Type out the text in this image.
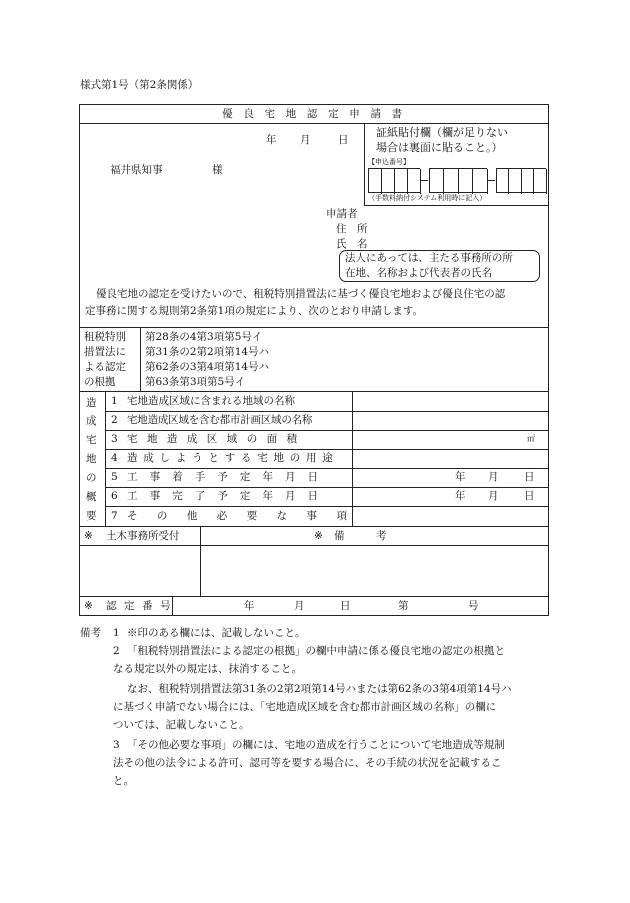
様式第1号（第2条関係）
優 良 宅 地 認 定 申 請 書
年 月	日
福井県知事	様
証紙貼付欄（欄が足りない
場合は裏面に貼ること。）
【申込番号】
（手数料納付システム利用時に記入）
申請者
住　所
氏　名
法人にあっては、主たる事務所の所
在地、名称および代表者の氏名
優良宅地の認定を受けたいので、租税特別措置法に基づく優良宅地および優良住宅の認
定事務に関する規則第2条第1項の規定により、次のとおり申請します。
租税特別
措置法に
よる認定
の根拠
第28条の4第3項第5号イ
第31条の2第2項第14号ハ
第62条の3第4項第14号ハ
第63条第3項第5号イ
造
成
宅
地
の
概
要
1 宅地造成区域に含まれる地域の名称
2 宅地造成区域を含む都市計画区域の名称
3 宅地造成区域の面積	㎡
4 造成しようとする宅地の用途
5 工事着手予定年月日	年 月 日
6 工事完了予定年月日	年 月 日
7 その他必要な事項
※ 土木事務所受付	※ 備　　　考
※ 認 定 番 号	年	月	日	第	号
備考 1 ※印のある欄には、記載しないこと。
2 「租税特別措置法による認定の根拠」の欄中申請に係る優良宅地の認定の根拠と
なる規定以外の規定は、抹消すること。
なお、租税特別措置法第31条の2第2項第14号ハまたは第62条の3第4項第14号ハ
に基づく申請でない場合には、「宅地造成区域を含む都市計画区域の名称」の欄に
ついては、記載しないこと。
3 「その他必要な事項」の欄には、宅地の造成を行うことについて宅地造成等規制
法その他の法令による許可、認可等を要する場合に、その手続の状況を記載するこ
と。
